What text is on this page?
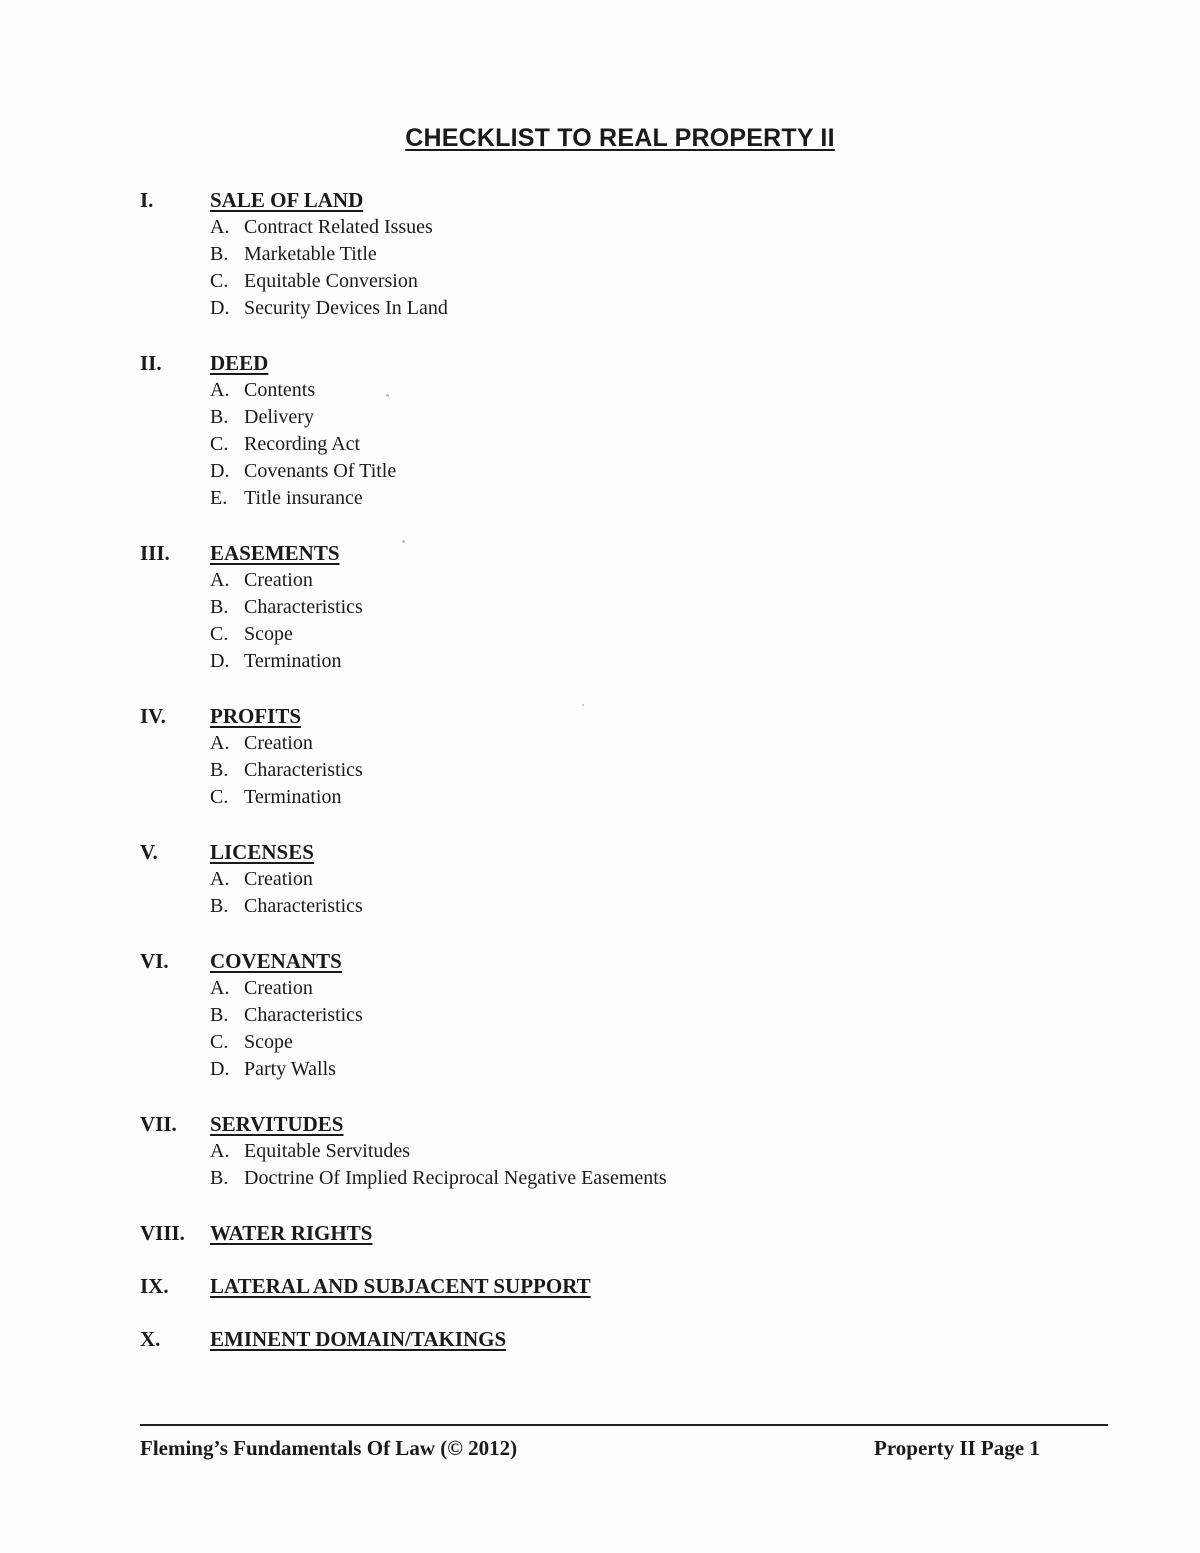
CHECKLIST TO REAL PROPERTY II
I.	SALE OF LAND
A. Contract Related Issues
B. Marketable Title
C. Equitable Conversion
D. Security Devices In Land
II. DEED
A. Contents
B. Delivery
C. Recording Act
D. Covenants Of Title
E. Title insurance
III. EASEMENTS
A. Creation
B. Characteristics
C. Scope
D. Termination
IV. PROFITS
A. Creation
B. Characteristics
C. Termination
V. LICENSES
A. Creation
B. Characteristics
VI. COVENANTS
A. Creation
B. Characteristics
C. Scope
D. Party Walls
VII. SERVITUDES
A. Equitable Servitudes
B. Doctrine Of Implied Reciprocal Negative Easements
VIII. WATER RIGHTS
IX. LATERAL AND SUBJACENT SUPPORT
X. EMINENT DOMAIN/TAKINGS
Fleming’s Fundamentals Of Law (© 2012)	Property II Page 1
